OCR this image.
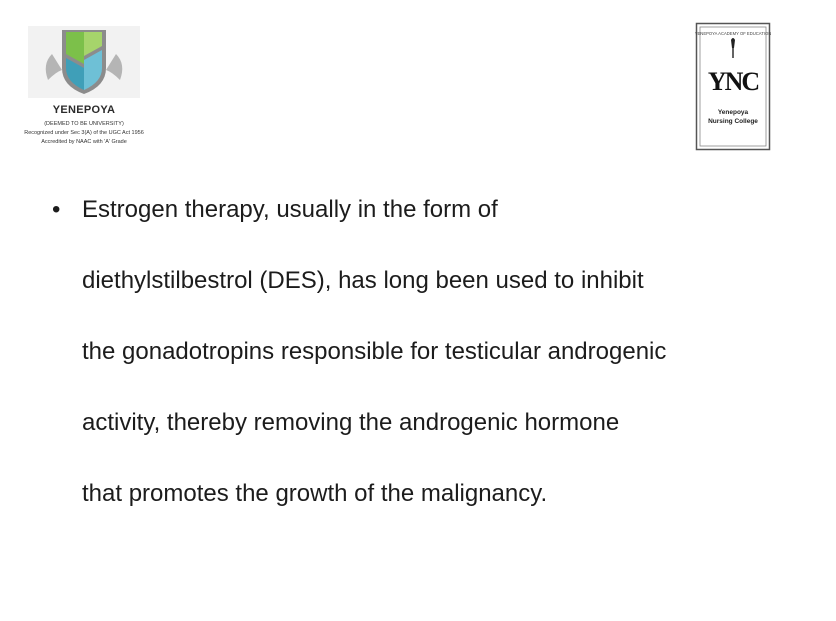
YENEPOYA
(DEEMED TO BE UNIVERSITY)
Recognized under Sec 3(A) of the UGC Act 1956
Accredited by NAAC with 'A' Grade
YENEPOYA ACADEMY OF EDUCATION
YNC
Yenepoya
Nursing College
• Estrogen therapy, usually in the form of
diethylstilbestrol (DES), has long been used to inhibit
the gonadotropins responsible for testicular androgenic
activity, thereby removing the androgenic hormone
that promotes the growth of the malignancy.
